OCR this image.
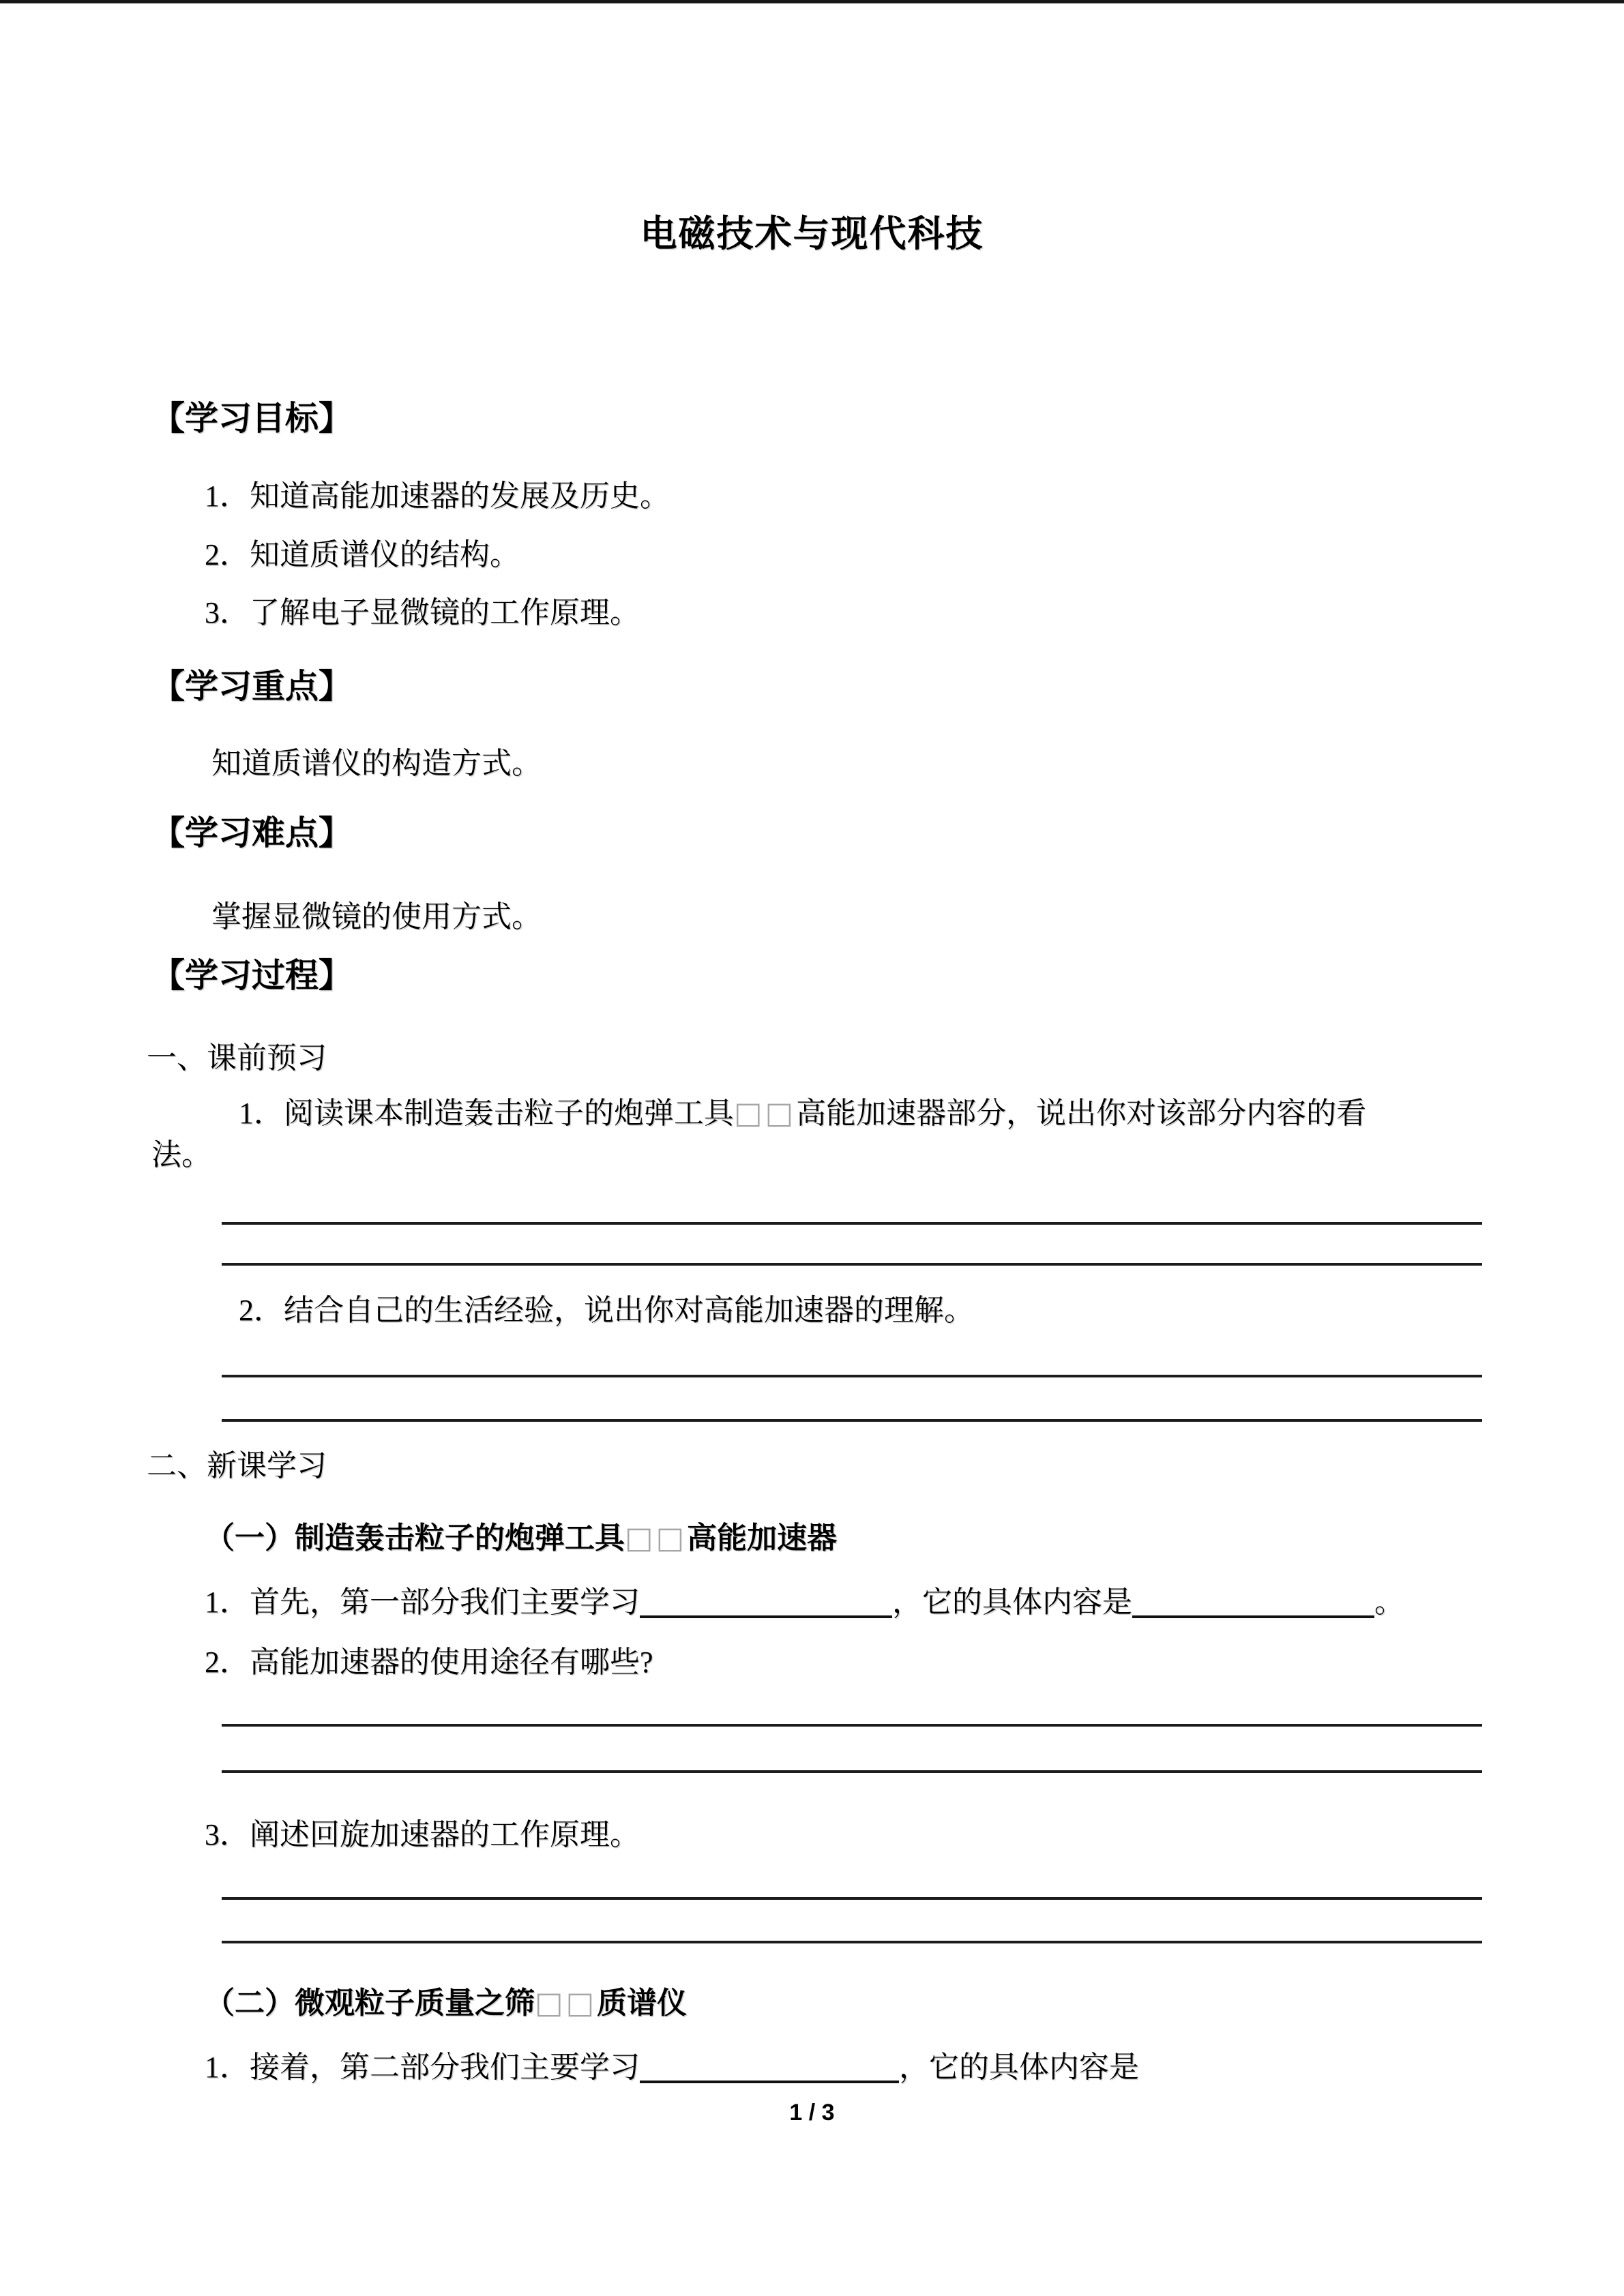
电磁技术与现代科技
【学习目标】
1．知道高能加速器的发展及历史。
2．知道质谱仪的结构。
3．了解电子显微镜的工作原理。
【学习重点】
知道质谱仪的构造方式。
【学习难点】
掌握显微镜的使用方式。
【学习过程】
一、课前预习
1．阅读课本制造轰击粒子的炮弹工具□□高能加速器部分，说出你对该部分内容的看
法。
2．结合自己的生活经验，说出你对高能加速器的理解。
二、新课学习
（一）制造轰击粒子的炮弹工具□□高能加速器
1．首先，第一部分我们主要学习	，它的具体内容是	。
2．高能加速器的使用途径有哪些?
3．阐述回旋加速器的工作原理。
（二）微观粒子质量之筛□□质谱仪
1．接着，第二部分我们主要学习	，它的具体内容是
1 / 3
